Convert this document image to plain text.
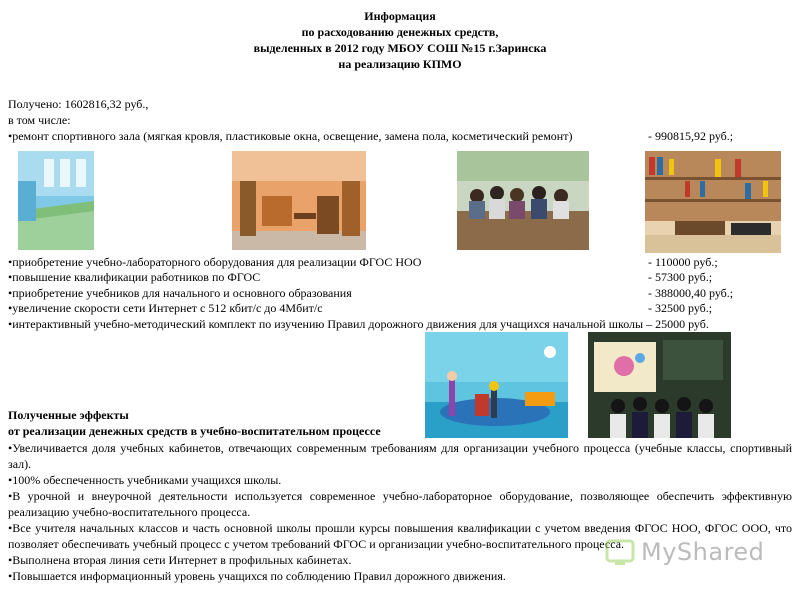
Информация
по расходованию денежных средств,
выделенных в 2012 году МБОУ СОШ №15 г.Заринска
на реализацию КПМО
Получено: 1602816,32 руб.,
в том числе:
•ремонт спортивного зала (мягкая кровля, пластиковые окна, освещение, замена пола, косметический ремонт)	- 990815,92 руб.;
•приобретение учебно-лабораторного оборудования для реализации ФГОС НОО	- 110000 руб.;
•повышение квалификации работников по ФГОС	- 57300 руб.;
•приобретение учебников для начального и основного образования	- 388000,40 руб.;
•увеличение скорости сети Интернет с 512 кбит/с до 4Мбит/с	- 32500 руб.;
•интерактивный учебно-методический комплект по изучению Правил дорожного движения для учащихся начальной школы – 25000 руб.
Полученные эффекты
от реализации денежных средств в учебно-воспитательном процессе
•Увеличивается доля учебных кабинетов, отвечающих современным требованиям для организации учебного процесса (учебные классы, спортивный зал).
•100% обеспеченность учебниками учащихся школы.
•В урочной и внеурочной деятельности используется современное учебно-лабораторное оборудование, позволяющее обеспечить эффективную реализацию учебно-воспитательного процесса.
•Все учителя начальных классов и часть основной школы прошли курсы повышения квалификации с учетом введения ФГОС НОО, ФГОС ООО, что позволяет обеспечивать учебный процесс с учетом требований ФГОС и организации учебно-воспитательного процесса.
•Выполнена вторая линия сети Интернет в профильных кабинетах.
•Повышается информационный уровень учащихся по соблюдению Правил дорожного движения.
MyShared
